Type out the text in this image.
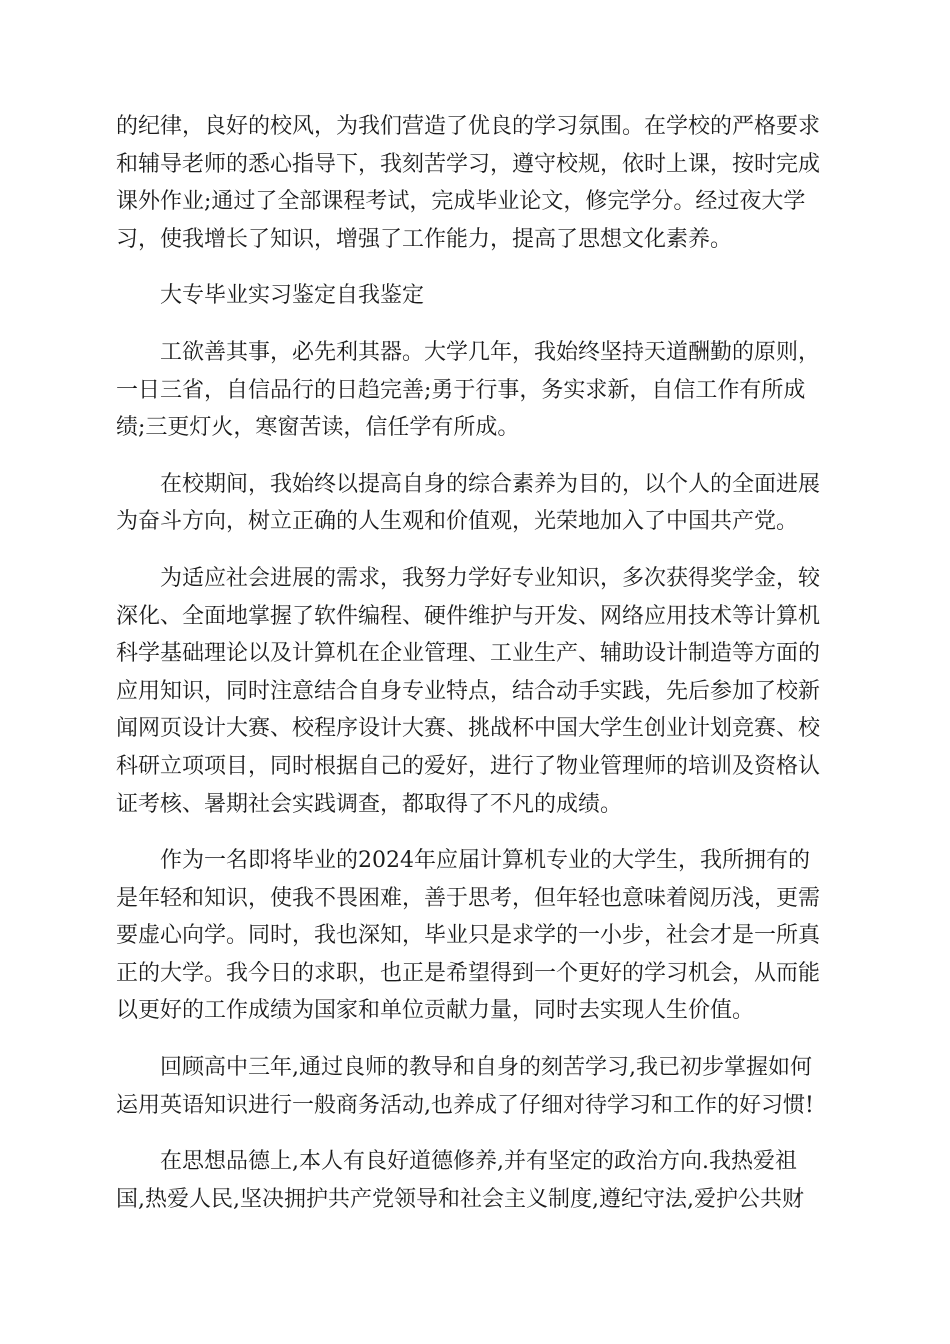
的纪律，良好的校风，为我们营造了优良的学习氛围。在学校的严格要求
和辅导老师的悉心指导下，我刻苦学习，遵守校规，依时上课，按时完成
课外作业;通过了全部课程考试，完成毕业论文，修完学分。经过夜大学
习，使我增长了知识，增强了工作能力，提高了思想文化素养。
大专毕业实习鉴定自我鉴定
工欲善其事，必先利其器。大学几年，我始终坚持天道酬勤的原则，
一日三省，自信品行的日趋完善;勇于行事，务实求新，自信工作有所成
绩;三更灯火，寒窗苦读，信任学有所成。
在校期间，我始终以提高自身的综合素养为目的，以个人的全面进展
为奋斗方向，树立正确的人生观和价值观，光荣地加入了中国共产党。
为适应社会进展的需求，我努力学好专业知识，多次获得奖学金，较
深化、全面地掌握了软件编程、硬件维护与开发、网络应用技术等计算机
科学基础理论以及计算机在企业管理、工业生产、辅助设计制造等方面的
应用知识，同时注意结合自身专业特点，结合动手实践，先后参加了校新
闻网页设计大赛、校程序设计大赛、挑战杯中国大学生创业计划竞赛、校
科研立项项目，同时根据自己的爱好，进行了物业管理师的培训及资格认
证考核、暑期社会实践调查，都取得了不凡的成绩。
作为一名即将毕业的2024年应届计算机专业的大学生，我所拥有的
是年轻和知识，使我不畏困难，善于思考，但年轻也意味着阅历浅，更需
要虚心向学。同时，我也深知，毕业只是求学的一小步，社会才是一所真
正的大学。我今日的求职，也正是希望得到一个更好的学习机会，从而能
以更好的工作成绩为国家和单位贡献力量，同时去实现人生价值。
回顾高中三年,通过良师的教导和自身的刻苦学习,我已初步掌握如何
运用英语知识进行一般商务活动,也养成了仔细对待学习和工作的好习惯!
在思想品德上,本人有良好道德修养,并有坚定的政治方向.我热爱祖
国,热爱人民,坚决拥护共产党领导和社会主义制度,遵纪守法,爱护公共财
